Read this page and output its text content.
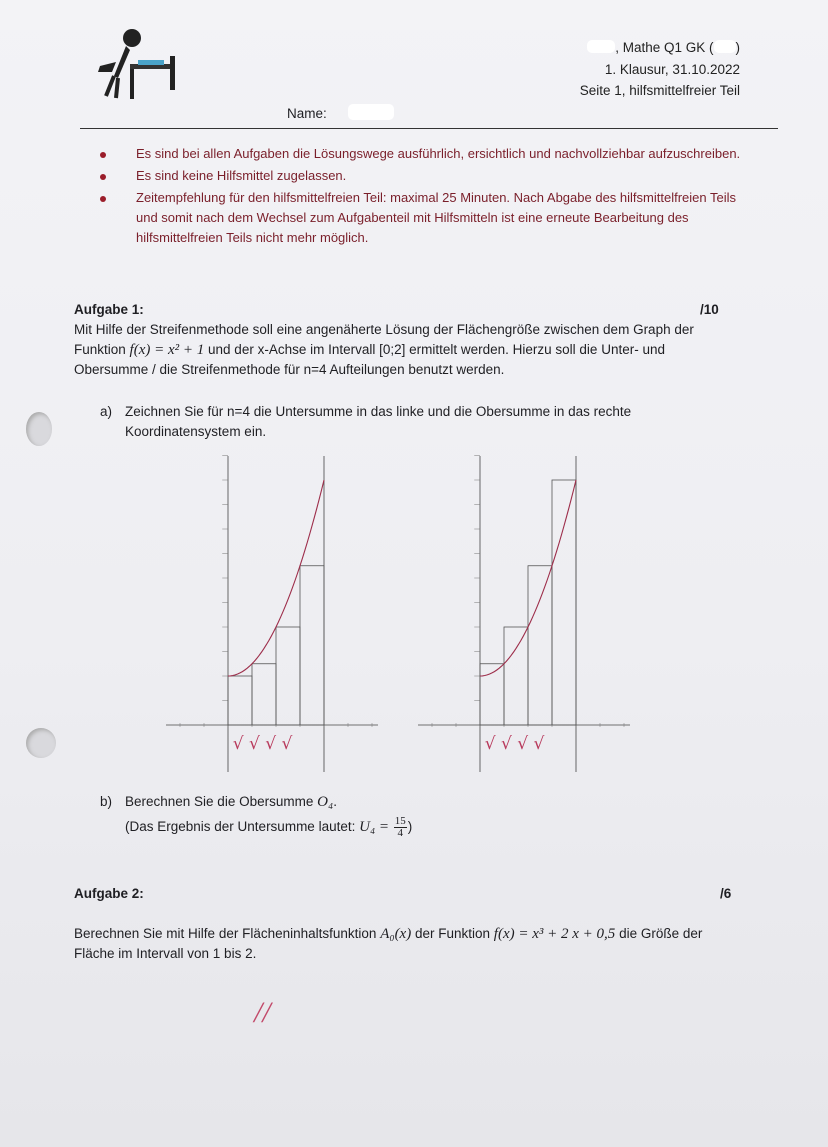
, Mathe Q1 GK ( )
1. Klausur, 31.10.2022
Seite 1, hilfsmittelfreier Teil
Name:
Es sind bei allen Aufgaben die Lösungswege ausführlich, ersichtlich und nachvollziehbar aufzuschreiben.
Es sind keine Hilfsmittel zugelassen.
Zeitempfehlung für den hilfsmittelfreien Teil: maximal 25 Minuten. Nach Abgabe des hilfsmittelfreien Teils und somit nach dem Wechsel zum Aufgabenteil mit Hilfsmitteln ist eine erneute Bearbeitung des hilfsmittelfreien Teils nicht mehr möglich.
Aufgabe 1:	/10
Mit Hilfe der Streifenmethode soll eine angenäherte Lösung der Flächengröße zwischen dem Graph der Funktion f(x) = x² + 1 und der x-Achse im Intervall [0;2] ermittelt werden. Hierzu soll die Unter- und Obersumme / die Streifenmethode für n=4 Aufteilungen benutzt werden.
a) Zeichnen Sie für n=4 die Untersumme in das linke und die Obersumme in das rechte Koordinatensystem ein.
√ √ √ √	√ √ √ √
b) Berechnen Sie die Obersumme O₄.
(Das Ergebnis der Untersumme lautet: $U_4 = \frac{15}{4}$ )
Aufgabe 2:	/6
Berechnen Sie mit Hilfe der Flächeninhaltsfunktion A₀(x) der Funktion f(x) = x³ + 2 x + 0,5 die Größe der Fläche im Intervall von 1 bis 2.
//
